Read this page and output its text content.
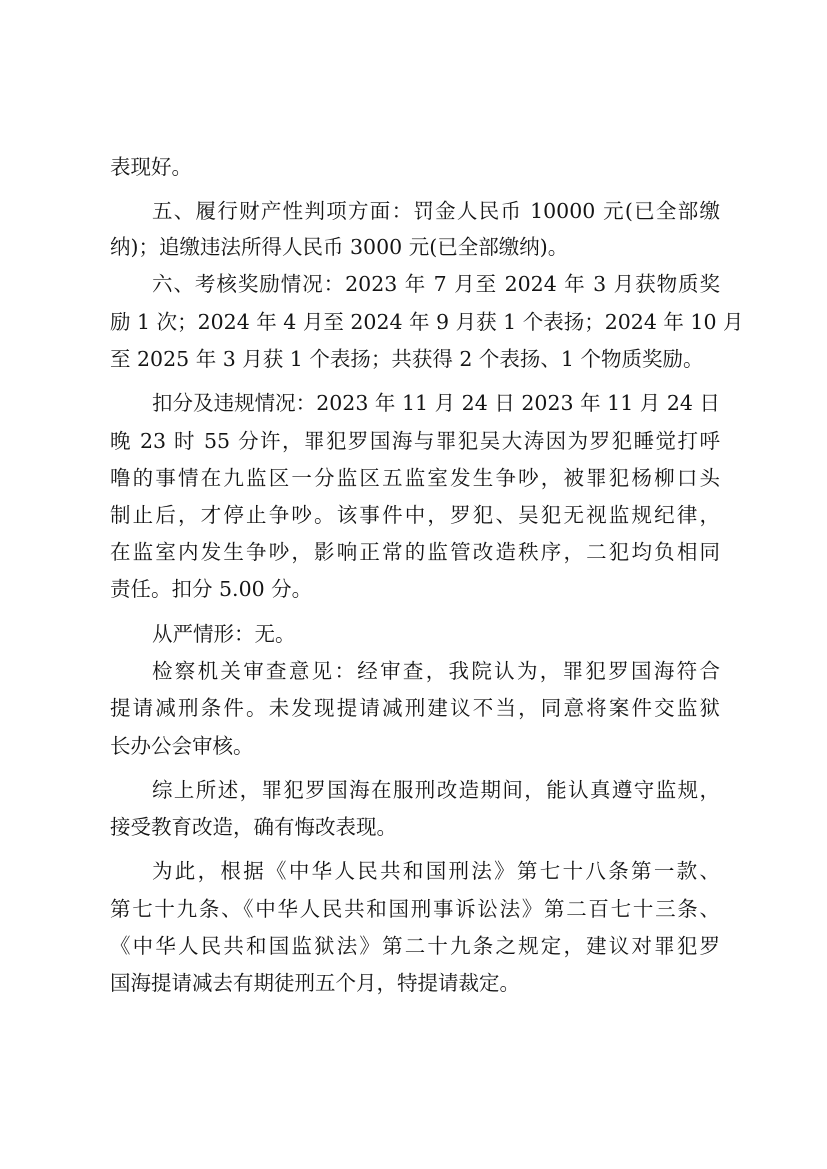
表现好。
五、履行财产性判项方面：罚金人民币 10000 元(已全部缴
纳)；追缴违法所得人民币 3000 元(已全部缴纳)。
六、考核奖励情况：2023 年 7 月至 2024 年 3 月获物质奖
励 1 次；2024 年 4 月至 2024 年 9 月获 1 个表扬；2024 年 10 月
至 2025 年 3 月获 1 个表扬；共获得 2 个表扬、1 个物质奖励。
扣分及违规情况：2023 年 11 月 24 日 2023 年 11 月 24 日
晚 23 时 55 分许，罪犯罗国海与罪犯吴大涛因为罗犯睡觉打呼
噜的事情在九监区一分监区五监室发生争吵，被罪犯杨柳口头
制止后，才停止争吵。该事件中，罗犯、吴犯无视监规纪律，
在监室内发生争吵，影响正常的监管改造秩序，二犯均负相同
责任。扣分 5.00 分。
从严情形：无。
检察机关审查意见：经审查，我院认为，罪犯罗国海符合
提请减刑条件。未发现提请减刑建议不当，同意将案件交监狱
长办公会审核。
综上所述，罪犯罗国海在服刑改造期间，能认真遵守监规，
接受教育改造，确有悔改表现。
为此，根据《中华人民共和国刑法》第七十八条第一款、
第七十九条、《中华人民共和国刑事诉讼法》第二百七十三条、
《中华人民共和国监狱法》第二十九条之规定，建议对罪犯罗
国海提请减去有期徒刑五个月，特提请裁定。
